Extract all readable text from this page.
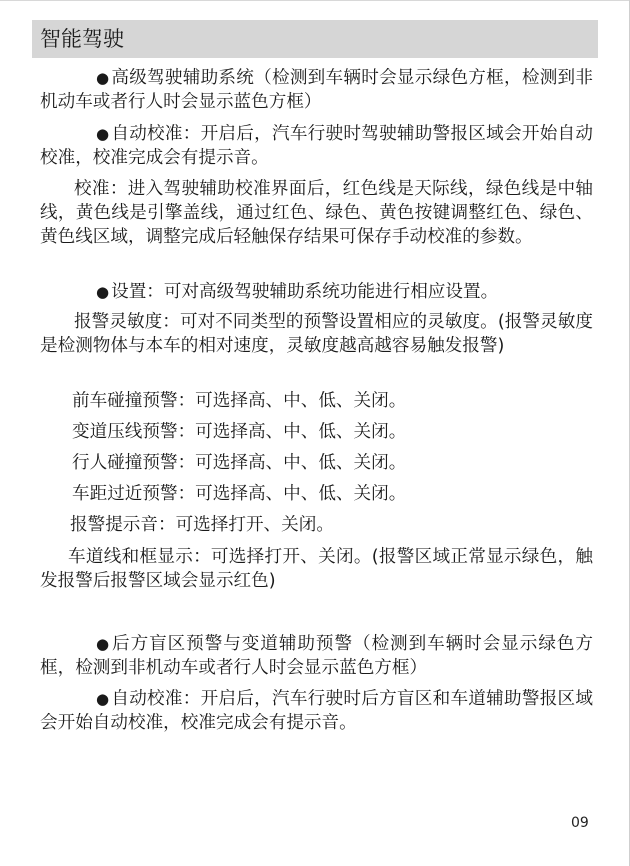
智能驾驶

● 高级驾驶辅助系统（检测到车辆时会显示绿色方框，检测到非机动车或者行人时会显示蓝色方框）

● 自动校准：开启后，汽车行驶时驾驶辅助警报区域会开始自动校准，校准完成会有提示音。

校准：进入驾驶辅助校准界面后，红色线是天际线，绿色线是中轴线，黄色线是引擎盖线，通过红色、绿色、黄色按键调整红色、绿色、黄色线区域，调整完成后轻触保存结果可保存手动校准的参数。

● 设置：可对高级驾驶辅助系统功能进行相应设置。

报警灵敏度：可对不同类型的预警设置相应的灵敏度。(报警灵敏度是检测物体与本车的相对速度，灵敏度越高越容易触发报警)

前车碰撞预警：可选择高、中、低、关闭。

变道压线预警：可选择高、中、低、关闭。

行人碰撞预警：可选择高、中、低、关闭。

车距过近预警：可选择高、中、低、关闭。

报警提示音：可选择打开、关闭。

车道线和框显示：可选择打开、关闭。(报警区域正常显示绿色，触发报警后报警区域会显示红色)

● 后方盲区预警与变道辅助预警（检测到车辆时会显示绿色方框，检测到非机动车或者行人时会显示蓝色方框）

● 自动校准：开启后，汽车行驶时后方盲区和车道辅助警报区域会开始自动校准，校准完成会有提示音。

09
